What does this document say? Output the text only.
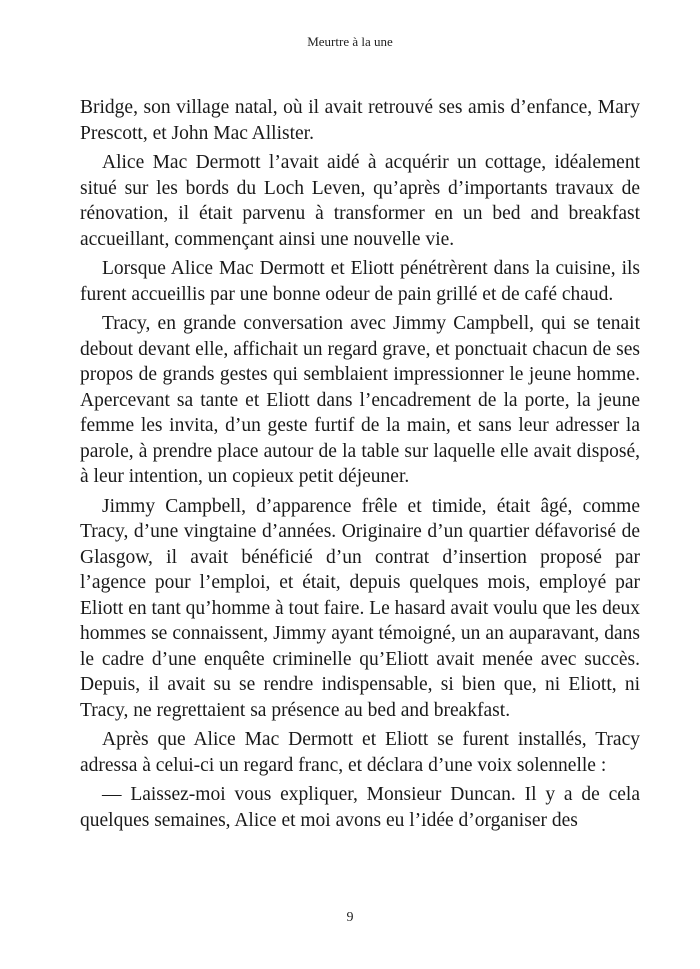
Meurtre à la une

Bridge, son village natal, où il avait retrouvé ses amis d’enfance, Mary Prescott, et John Mac Allister.

Alice Mac Dermott l’avait aidé à acquérir un cottage, idéalement situé sur les bords du Loch Leven, qu’après d’importants travaux de rénovation, il était parvenu à transformer en un bed and breakfast accueillant, commençant ainsi une nouvelle vie.

Lorsque Alice Mac Dermott et Eliott pénétrèrent dans la cuisine, ils furent accueillis par une bonne odeur de pain grillé et de café chaud.

Tracy, en grande conversation avec Jimmy Campbell, qui se tenait debout devant elle, affichait un regard grave, et ponctuait chacun de ses propos de grands gestes qui semblaient impressionner le jeune homme. Apercevant sa tante et Eliott dans l’encadrement de la porte, la jeune femme les invita, d’un geste furtif de la main, et sans leur adresser la parole, à prendre place autour de la table sur laquelle elle avait disposé, à leur intention, un copieux petit déjeuner.

Jimmy Campbell, d’apparence frêle et timide, était âgé, comme Tracy, d’une vingtaine d’années. Originaire d’un quartier défavorisé de Glasgow, il avait bénéficié d’un contrat d’insertion proposé par l’agence pour l’emploi, et était, depuis quelques mois, employé par Eliott en tant qu’homme à tout faire. Le hasard avait voulu que les deux hommes se connaissent, Jimmy ayant témoigné, un an auparavant, dans le cadre d’une enquête criminelle qu’Eliott avait menée avec succès. Depuis, il avait su se rendre indispensable, si bien que, ni Eliott, ni Tracy, ne regrettaient sa présence au bed and breakfast.

Après que Alice Mac Dermott et Eliott se furent installés, Tracy adressa à celui-ci un regard franc, et déclara d’une voix solennelle :

— Laissez-moi vous expliquer, Monsieur Duncan. Il y a de cela quelques semaines, Alice et moi avons eu l’idée d’organiser des

9
